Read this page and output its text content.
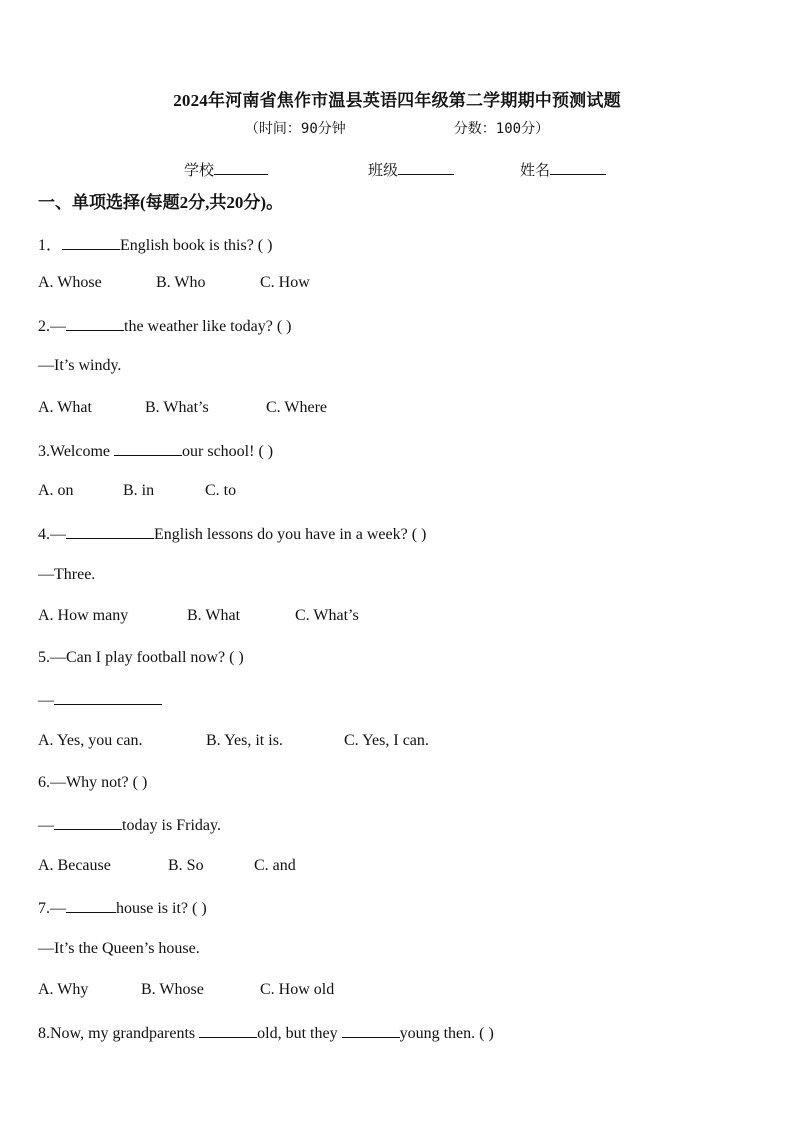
2024年河南省焦作市温县英语四年级第二学期期中预测试题
（时间：90分钟	分数：100分）
学校	班级	姓名
一、单项选择(每题2分,共20分)。
1．	English book is this? ( )
A. Whose	B. Who	C. How
2.—	the weather like today? ( )
—It’s windy.
A. What	B. What’s	C. Where
3.Welcome	our school! ( )
A. on	B. in	C. to
4.—	English lessons do you have in a week? ( )
—Three.
A. How many	B. What	C. What’s
5.—Can I play football now? ( )
—
A. Yes, you can.	B. Yes, it is.	C. Yes, I can.
6.—Why not? ( )
—	today is Friday.
A. Because	B. So	C. and
7.—	house is it? ( )
—It’s the Queen’s house.
A. Why	B. Whose	C. How old
8.Now, my grandparents	old, but they	young then. ( )
